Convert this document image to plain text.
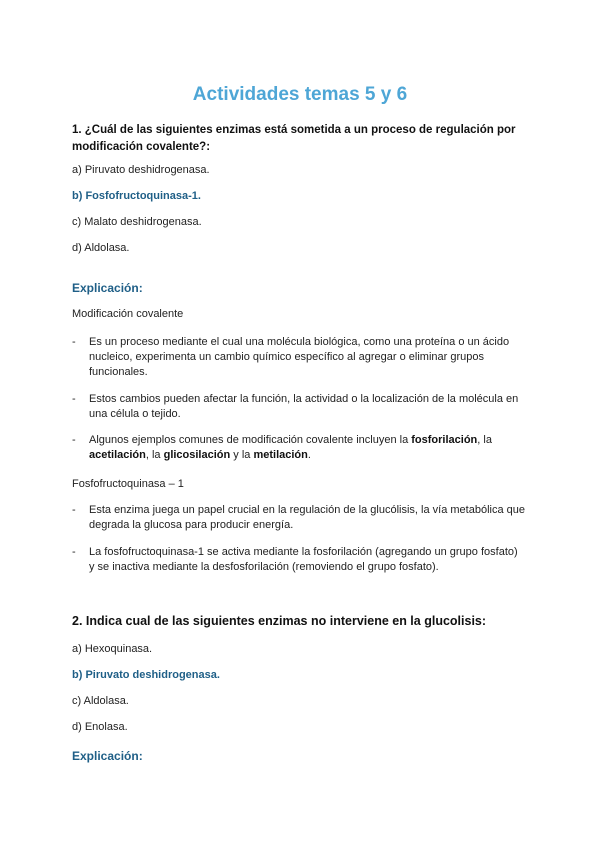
Actividades temas 5 y 6
1. ¿Cuál de las siguientes enzimas está sometida a un proceso de regulación por modificación covalente?:
a) Piruvato deshidrogenasa.
b) Fosfofructoquinasa-1.
c) Malato deshidrogenasa.
d) Aldolasa.
Explicación:
Modificación covalente
- Es un proceso mediante el cual una molécula biológica, como una proteína o un ácido nucleico, experimenta un cambio químico específico al agregar o eliminar grupos funcionales.
- Estos cambios pueden afectar la función, la actividad o la localización de la molécula en una célula o tejido.
- Algunos ejemplos comunes de modificación covalente incluyen la fosforilación, la acetilación, la glicosilación y la metilación.
Fosfofructoquinasa – 1
- Esta enzima juega un papel crucial en la regulación de la glucólisis, la vía metabólica que degrada la glucosa para producir energía.
- La fosfofructoquinasa-1 se activa mediante la fosforilación (agregando un grupo fosfato) y se inactiva mediante la desfosforilación (removiendo el grupo fosfato).
2. Indica cual de las siguientes enzimas no interviene en la glucolisis:
a) Hexoquinasa.
b) Piruvato deshidrogenasa.
c) Aldolasa.
d) Enolasa.
Explicación:
